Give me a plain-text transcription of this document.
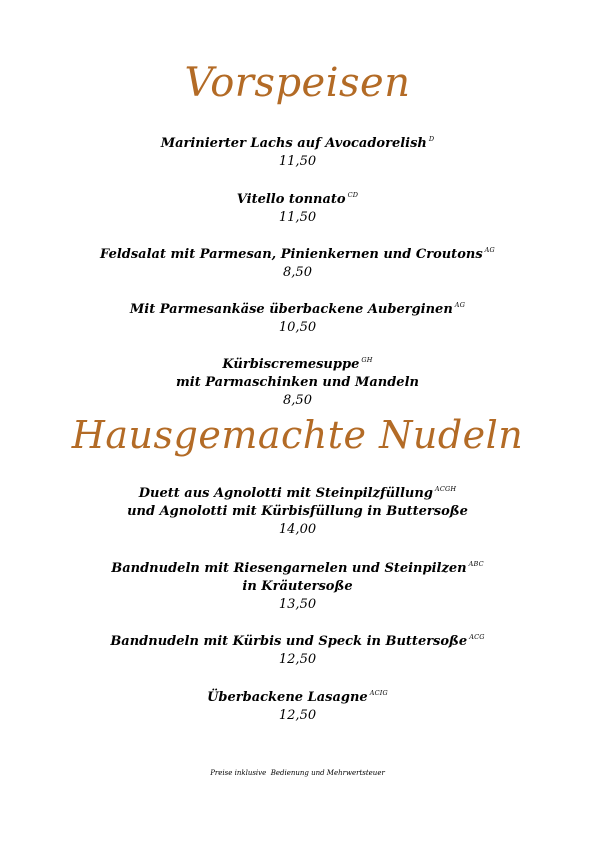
Vorspeisen
Marinierter Lachs auf Avocadorelish $^D$
11,50
Vitello tonnato $^{CD}$
11,50
Feldsalat mit Parmesan, Pinienkernen und Croutons $^{AG}$
8,50
Mit Parmesankäse überbackene Auberginen $^{AG}$
10,50
Kürbiscremesuppe $^{GH}$
mit Parmaschinken und Mandeln
8,50
Hausgemachte Nudeln
Duett aus Agnolotti mit Steinpilzfüllung $^{ACGH}$
und Agnolotti mit Kürbisfüllung in Buttersoße
14,00
Bandnudeln mit Riesengarnelen und Steinpilzen $^{ABC}$
in Kräutersoße
13,50
Bandnudeln mit Kürbis und Speck in Buttersoße $^{ACG}$
12,50
Überbackene Lasagne $^{ACIG}$
12,50
Preise inklusive  Bedienung und Mehrwertsteuer
